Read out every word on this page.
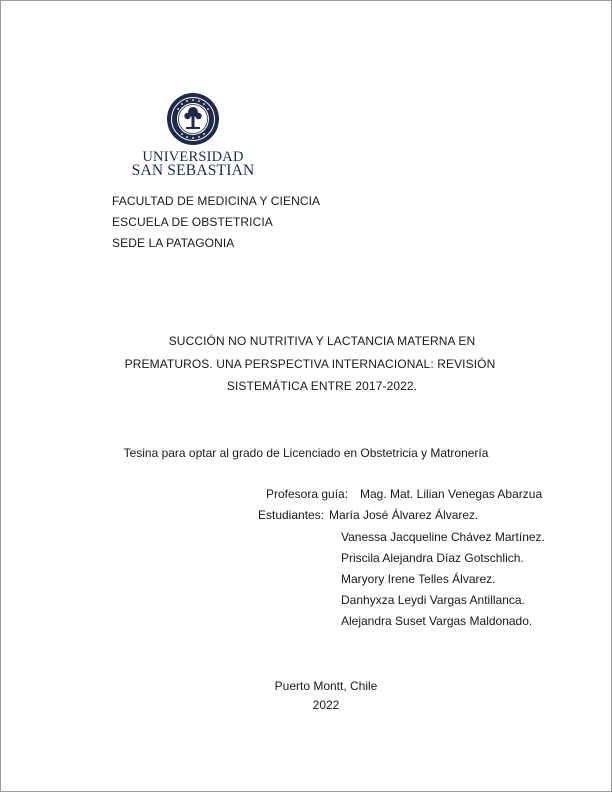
UNIVERSIDAD
SAN SEBASTIAN
FACULTAD DE MEDICINA Y CIENCIA
ESCUELA DE OBSTETRICIA
SEDE LA PATAGONIA
SUCCIÓN NO NUTRITIVA Y LACTANCIA MATERNA EN
PREMATUROS. UNA PERSPECTIVA INTERNACIONAL: REVISIÓN
SISTEMÁTICA ENTRE 2017-2022.
Tesina para optar al grado de Licenciado en Obstetricia y Matronería
Profesora guía: Mag. Mat. Lilian Venegas Abarzua
Estudiantes: María José Álvarez Álvarez.
Vanessa Jacqueline Chávez Martínez.
Priscila Alejandra Díaz Gotschlich.
Maryory Irene Telles Álvarez.
Danhyxza Leydi Vargas Antillanca.
Alejandra Suset Vargas Maldonado.
Puerto Montt, Chile
2022
